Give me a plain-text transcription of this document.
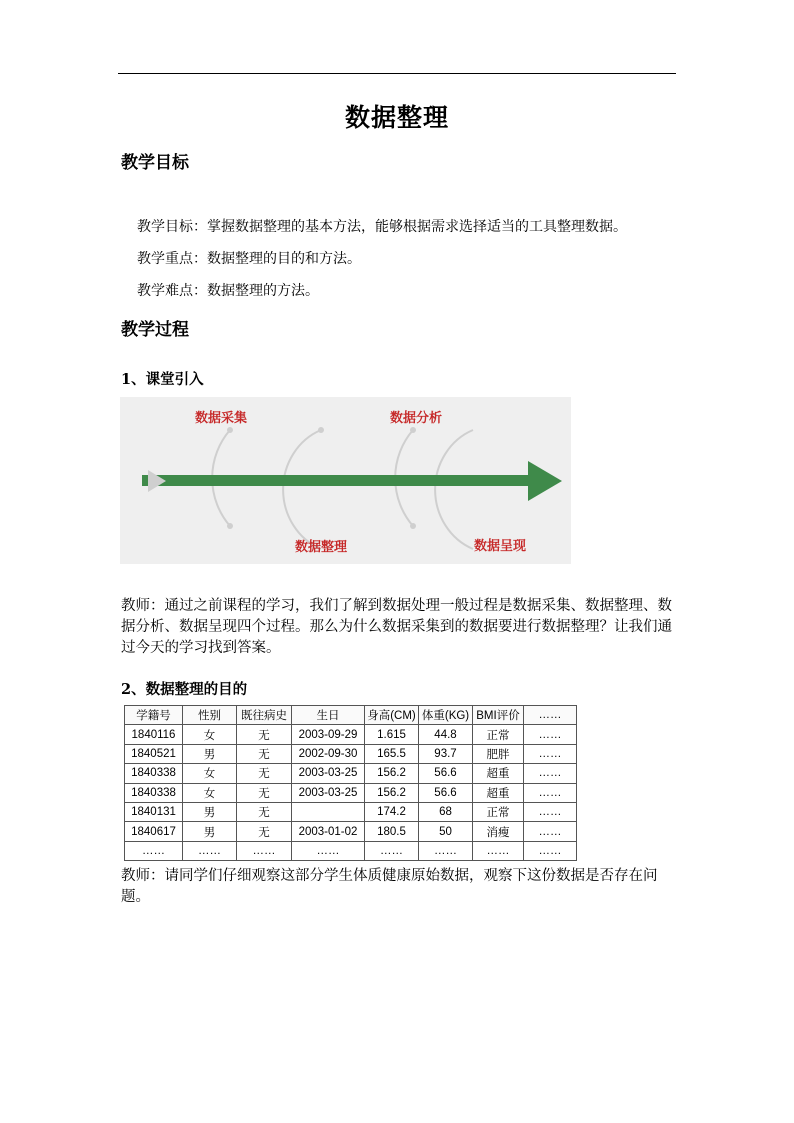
数据整理
教学目标
教学目标：掌握数据整理的基本方法，能够根据需求选择适当的工具整理数据。
教学重点：数据整理的目的和方法。
教学难点：数据整理的方法。
教学过程
1、课堂引入
数据采集	数据分析
数据整理	数据呈现
教师：通过之前课程的学习，我们了解到数据处理一般过程是数据采集、数据整理、数据分析、数据呈现四个过程。那么为什么数据采集到的数据要进行数据整理？让我们通过今天的学习找到答案。
2、数据整理的目的
学籍号	性别	既往病史	生日	身高(CM)	体重(KG)	BMI评价	……
1840116	女	无	2003-09-29	1.615	44.8	正常	……
1840521	男	无	2002-09-30	165.5	93.7	肥胖	……
1840338	女	无	2003-03-25	156.2	56.6	超重	……
1840338	女	无	2003-03-25	156.2	56.6	超重	……
1840131	男	无		174.2	68	正常	……
1840617	男	无	2003-01-02	180.5	50	消瘦	……
……	……	……	……	……	……	……	……
教师：请同学们仔细观察这部分学生体质健康原始数据，观察下这份数据是否存在问题。
